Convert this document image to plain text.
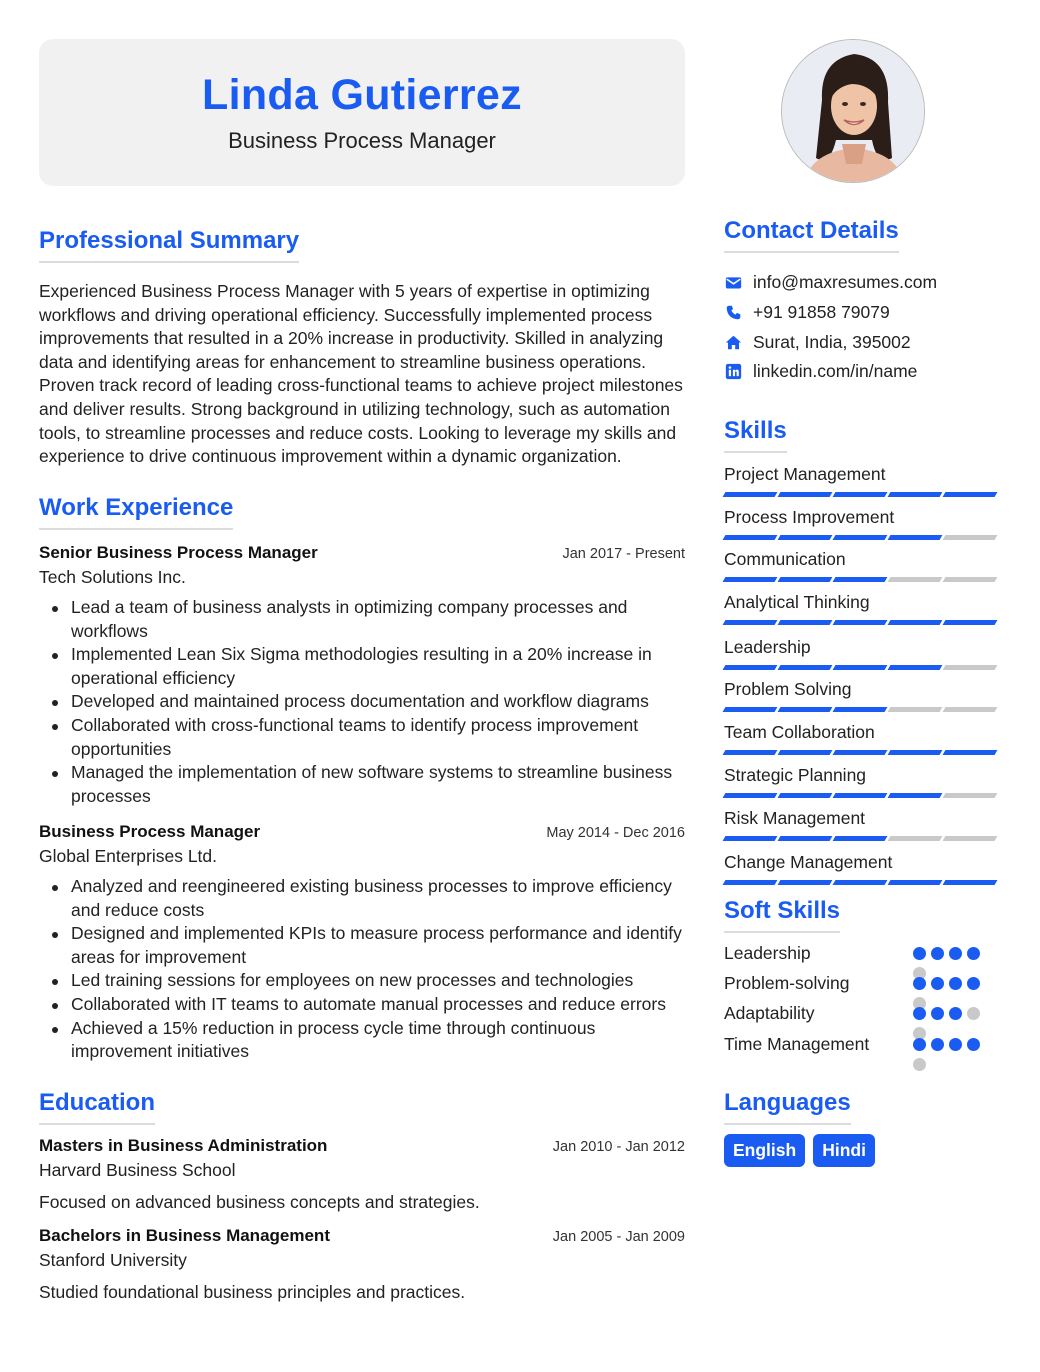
Linda Gutierrez
Business Process Manager
Professional Summary
Experienced Business Process Manager with 5 years of expertise in optimizing workflows and driving operational efficiency. Successfully implemented process improvements that resulted in a 20% increase in productivity. Skilled in analyzing data and identifying areas for enhancement to streamline business operations. Proven track record of leading cross-functional teams to achieve project milestones and deliver results. Strong background in utilizing technology, such as automation tools, to streamline processes and reduce costs. Looking to leverage my skills and experience to drive continuous improvement within a dynamic organization.
Work Experience
Senior Business Process Manager	Jan 2017 - Present
Tech Solutions Inc.
Lead a team of business analysts in optimizing company processes and workflows
Implemented Lean Six Sigma methodologies resulting in a 20% increase in operational efficiency
Developed and maintained process documentation and workflow diagrams
Collaborated with cross-functional teams to identify process improvement opportunities
Managed the implementation of new software systems to streamline business processes
Business Process Manager	May 2014 - Dec 2016
Global Enterprises Ltd.
Analyzed and reengineered existing business processes to improve efficiency and reduce costs
Designed and implemented KPIs to measure process performance and identify areas for improvement
Led training sessions for employees on new processes and technologies
Collaborated with IT teams to automate manual processes and reduce errors
Achieved a 15% reduction in process cycle time through continuous improvement initiatives
Education
Masters in Business Administration	Jan 2010 - Jan 2012
Harvard Business School
Focused on advanced business concepts and strategies.
Bachelors in Business Management	Jan 2005 - Jan 2009
Stanford University
Studied foundational business principles and practices.
Contact Details
info@maxresumes.com
+91 91858 79079
Surat, India, 395002
linkedin.com/in/name
Skills
Project Management
Process Improvement
Communication
Analytical Thinking
Leadership
Problem Solving
Team Collaboration
Strategic Planning
Risk Management
Change Management
Soft Skills
Leadership
Problem-solving
Adaptability
Time Management
Languages
English	Hindi
